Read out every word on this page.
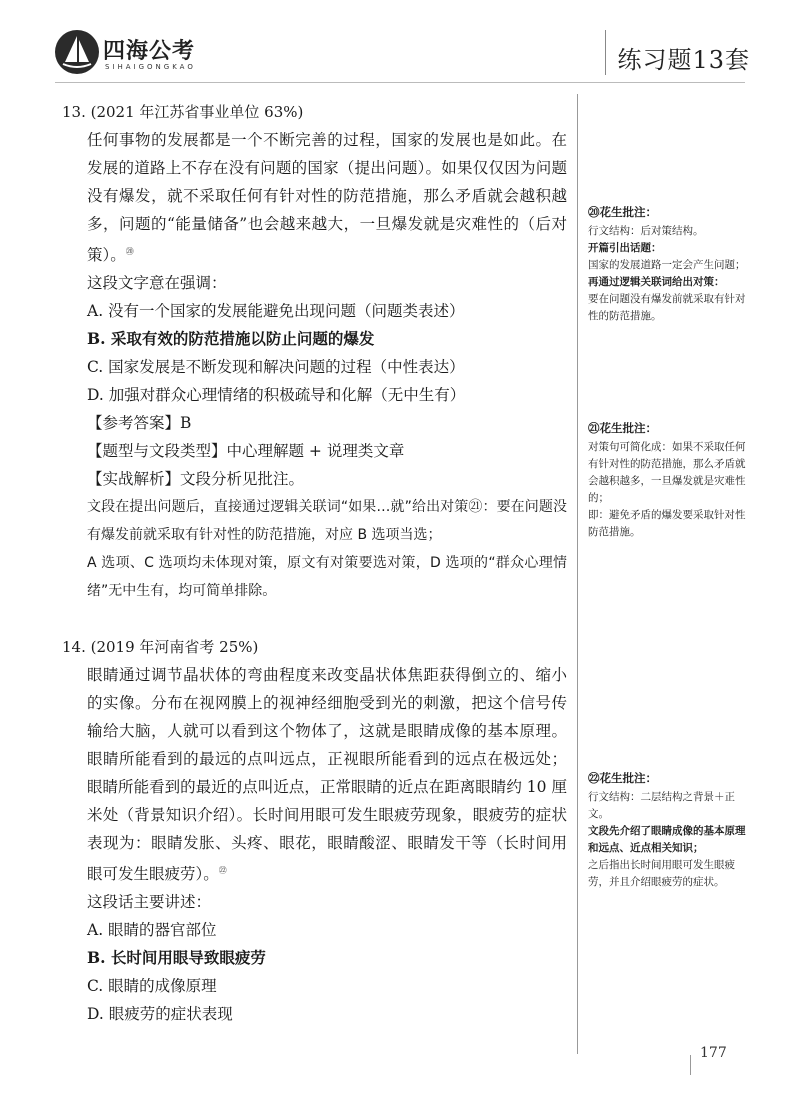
四海公考
SIHAIGONGKAO	练习题13套

13. (2021 年江苏省事业单位 63%)

任何事物的发展都是一个不断完善的过程，国家的发展也是如此。在发展的道路上不存在没有问题的国家（提出问题）。如果仅仅因为问题没有爆发，就不采取任何有针对性的防范措施，那么矛盾就会越积越多，问题的“能量储备”也会越来越大，一旦爆发就是灾难性的（后对策）。⑳

这段文字意在强调：

A. 没有一个国家的发展能避免出现问题（问题类表述）

B. 采取有效的防范措施以防止问题的爆发

C. 国家发展是不断发现和解决问题的过程（中性表达）

D. 加强对群众心理情绪的积极疏导和化解（无中生有）

【参考答案】B

【题型与文段类型】中心理解题 + 说理类文章

【实战解析】文段分析见批注。

文段在提出问题后，直接通过逻辑关联词“如果…就”给出对策㉑：要在问题没有爆发前就采取有针对性的防范措施，对应 B 选项当选；

A 选项、C 选项均未体现对策，原文有对策要选对策，D 选项的“群众心理情绪”无中生有，均可简单排除。

14. (2019 年河南省考 25%)

眼睛通过调节晶状体的弯曲程度来改变晶状体焦距获得倒立的、缩小的实像。分布在视网膜上的视神经细胞受到光的刺激，把这个信号传输给大脑，人就可以看到这个物体了，这就是眼睛成像的基本原理。眼睛所能看到的最远的点叫远点，正视眼所能看到的远点在极远处；眼睛所能看到的最近的点叫近点，正常眼睛的近点在距离眼睛约 10 厘米处（背景知识介绍）。长时间用眼可发生眼疲劳现象，眼疲劳的症状表现为：眼睛发胀、头疼、眼花，眼睛酸涩、眼睛发干等（长时间用眼可发生眼疲劳）。$^㉒$

这段话主要讲述：

A. 眼睛的器官部位

B. 长时间用眼导致眼疲劳

C. 眼睛的成像原理

D. 眼疲劳的症状表现

⑳花生批注：
行文结构：后对策结构。
开篇引出话题：
国家的发展道路一定会产生问题；
再通过逻辑关联词给出对策：
要在问题没有爆发前就采取有针对性的防范措施。
㉑花生批注：
对策句可简化成：如果不采取任何有针对性的防范措施，那么矛盾就会越积越多，一旦爆发就是灾难性的；
即：避免矛盾的爆发要采取针对性防范措施。
㉒花生批注：
行文结构：二层结构之背景＋正文。
文段先介绍了眼睛成像的基本原理和远点、近点相关知识；
之后指出长时间用眼可发生眼疲劳，并且介绍眼疲劳的症状。
177
